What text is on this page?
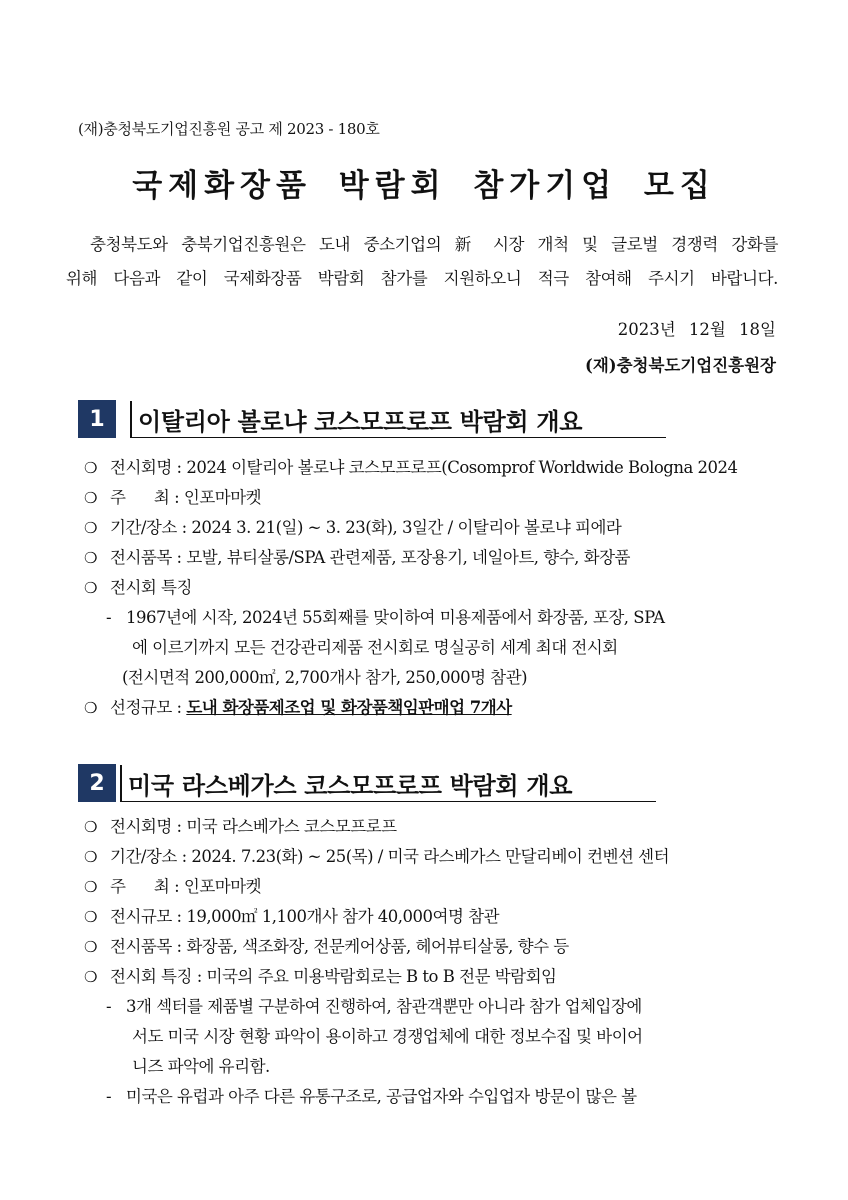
(재)충청북도기업진흥원 공고 제 2023 - 180호
국제화장품 박람회 참가기업 모집
충청북도와 충북기업진흥원은 도내 중소기업의 新 시장 개척 및 글로벌 경쟁력 강화를
위해 다음과 같이 국제화장품 박람회 참가를 지원하오니 적극 참여해 주시기 바랍니다.
2023년 12월 18일
(재)충청북도기업진흥원장
1	이탈리아 볼로냐 코스모프로프 박람회 개요
❍ 전시회명 : 2024 이탈리아 볼로냐 코스모프로프(Cosomprof Worldwide Bologna 2024
❍ 주      최 : 인포마마켓
❍ 기간/장소 : 2024 3. 21(일) ~ 3. 23(화), 3일간 / 이탈리아 볼로냐 피에라
❍ 전시품목 : 모발, 뷰티살롱/SPA 관련제품, 포장용기, 네일아트, 향수, 화장품
❍ 전시회 특징
- 1967년에 시작, 2024년 55회째를 맞이하여 미용제품에서 화장품, 포장, SPA
에 이르기까지 모든 건강관리제품 전시회로 명실공히 세계 최대 전시회
(전시면적 200,000㎡, 2,700개사 참가, 250,000명 참관)
❍ 선정규모 : 도내 화장품제조업 및 화장품책임판매업 7개사
2 미국 라스베가스 코스모프로프 박람회 개요
❍ 전시회명 : 미국 라스베가스 코스모프로프
❍ 기간/장소 : 2024. 7.23(화) ~ 25(목) / 미국 라스베가스 만달리베이 컨벤션 센터
❍ 주      최 : 인포마마켓
❍ 전시규모 : 19,000㎡ 1,100개사 참가 40,000여명 참관
❍ 전시품목 : 화장품, 색조화장, 전문케어상품, 헤어뷰티살롱, 향수 등
❍ 전시회 특징 : 미국의 주요 미용박람회로는 B to B 전문 박람회임
- 3개 섹터를 제품별 구분하여 진행하여, 참관객뿐만 아니라 참가 업체입장에
서도 미국 시장 현황 파악이 용이하고 경쟁업체에 대한 정보수집 및 바이어
니즈 파악에 유리함.
- 미국은 유럽과 아주 다른 유통구조로, 공급업자와 수입업자 방문이 많은 볼
